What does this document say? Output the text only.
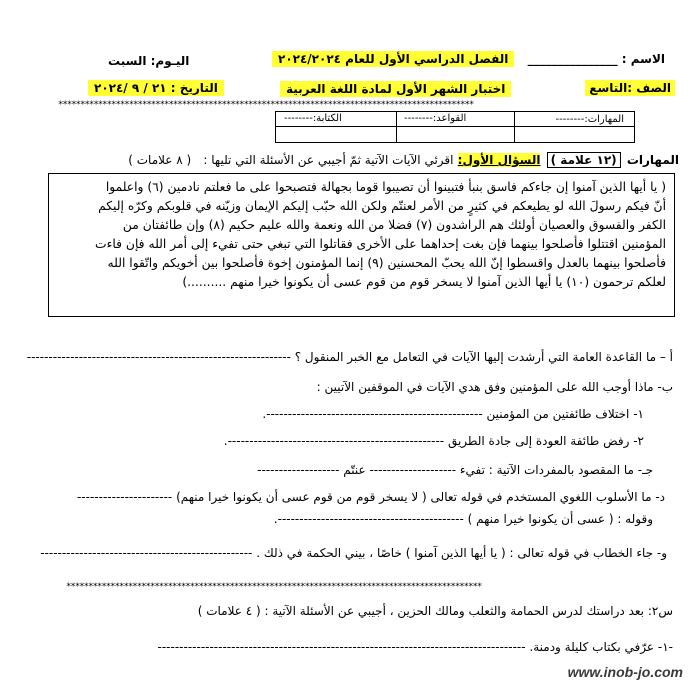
الاسم : _______________
اليـوم: السبت	الفصل الدراسي الأول للعام ٢٠٢٤/٢٠٢٤
الصف :التاسع
اختبار الشهر الأول لمادة اللغة العربية
التاريخ : ٢١ / ٩ /٢٠٢٤
**********************************************************************************************
المهارات:--------
القواعد:--------
الكتابة:--------
المهارات (١٢ علامة ) السؤال الأول: اقرئي الآيات الآتية ثمّ أجيبي عن الأسئلة التي تليها : ( ٨ علامات )
( يا أيها الذين آمنوا إن جاءكم فاسق بنبأ فتبينوا أن تصيبوا قوما بجهالة فتصبحوا على ما فعلتم نادمين (٦) واعلموا
أنّ فيكم رسولَ الله لو يطيعكم في كثيرٍ من الأمر لعنتّم ولكن الله حبّب إليكم الإيمان وزيّنه في قلوبكم وكرّه إليكم
الكفر والفسوق والعصيان أولئك هم الراشدون (٧) فضلا من الله ونعمة والله عليم حكيم (٨) وإن طائفتان من
المؤمنين اقتتلوا فأصلحوا بينهما فإن بغت إحداهما على الأخرى فقاتلوا التي تبغي حتى تفيء إلى أمر الله فإن فاءت
فأصلحوا بينهما بالعدل واقسطوا إنّ الله يحبّ المحسنين (٩) إنما المؤمنون إخوة فأصلحوا بين أخويكم واتّقوا الله
لعلكم ترحمون (١٠) يا أيها الذين آمنوا لا يسخر قوم من قوم عسى أن يكونوا خيرا منهم ..........)
أ – ما القاعدة العامة التي أرشدت إليها الآيات في التعامل مع الخبر المنقول ؟ -------------------------------------------------------------
ب- ماذا أوجب الله على المؤمنين وفق هدي الآيات في الموقفين الآتيين :
١- اختلاف طائفتين من المؤمنين --------------------------------------------------.
٢- رفض طائفة العودة إلى جادة الطريق --------------------------------------------------.
جـ- ما المقصود بالمفردات الآتية : تفيء -------------------- عنتّم -------------------
د- ما الأسلوب اللغوي المستخدم في قوله تعالى ( لا يسخر قوم من قوم عسى أن يكونوا خيرا منهم) ----------------------
وقوله : ( عسى أن يكونوا خيرا منهم ) -------------------------------------------.
و- جاء الخطاب في قوله تعالى : ( يا أيها الذين آمنوا ) خاصًا ، بيني الحكمة في ذلك . -------------------------------------------------
**********************************************************************************************
س٢: بعد دراستك لدرس الحمامة والثعلب ومالك الحزين ، أجيبي عن الأسئلة الآتية : ( ٤ علامات )
-١- عرّفي بكتاب كليلة ودمنة. -------------------------------------------------------------------------------------
www.inob-jo.com
